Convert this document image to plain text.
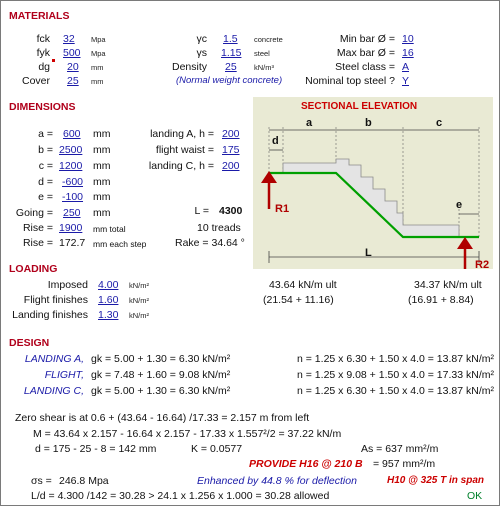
MATERIALS
fck 32 Mpa
fyk 500 Mpa
dg 20 mm
Cover 25 mm
γc 1.5 concrete
γs 1.15 steel
Density 25 kN/m³
(Normal weight concrete)
Min bar Ø = 10
Max bar Ø = 16
Steel class = A
Nominal top steel ? Y
DIMENSIONS
a = 600 mm
b = 2500 mm
c = 1200 mm
d = -600 mm
e = -100 mm
Going = 250 mm
Rise = 1900 mm total
Rise = 172.7 mm each step
landing A, h = 200
flight waist = 175
landing C, h = 200
L = 4300
10 treads
Rake = 34.64 °
SECTIONAL ELEVATION
a	b	c
d
e
L
R1
R2
LOADING
Imposed 4.00 kN/m²
Flight finishes 1.60 kN/m²
Landing finishes 1.30 kN/m²
43.64 kN/m ult
(21.54 + 11.16)
34.37 kN/m ult
(16.91 + 8.84)
DESIGN
LANDING A, gk = 5.00 + 1.30 = 6.30 kN/m²	n = 1.25 x 6.30 + 1.50 x 4.0 = 13.87 kN/m²
FLIGHT, gk = 7.48 + 1.60 = 9.08 kN/m²	n = 1.25 x 9.08 + 1.50 x 4.0 = 17.33 kN/m²
LANDING C, gk = 5.00 + 1.30 = 6.30 kN/m²	n = 1.25 x 6.30 + 1.50 x 4.0 = 13.87 kN/m²
Zero shear is at 0.6 + (43.64 - 16.64) /17.33 = 2.157 m from left
M = 43.64 x 2.157 - 16.64 x 2.157 - 17.33 x 1.557²/2 = 37.22 kN/m
d = 175 - 25 - 8 = 142 mm	K = 0.0577	As = 637 mm²/m
PROVIDE H16 @ 210 B = 957 mm²/m
σs = 246.8 Mpa	Enhanced by 44.8 % for deflection	H10 @ 325 T in span
L/d = 4.300 /142 = 30.28 > 24.1 x 1.256 x 1.000 = 30.28 allowed	OK
